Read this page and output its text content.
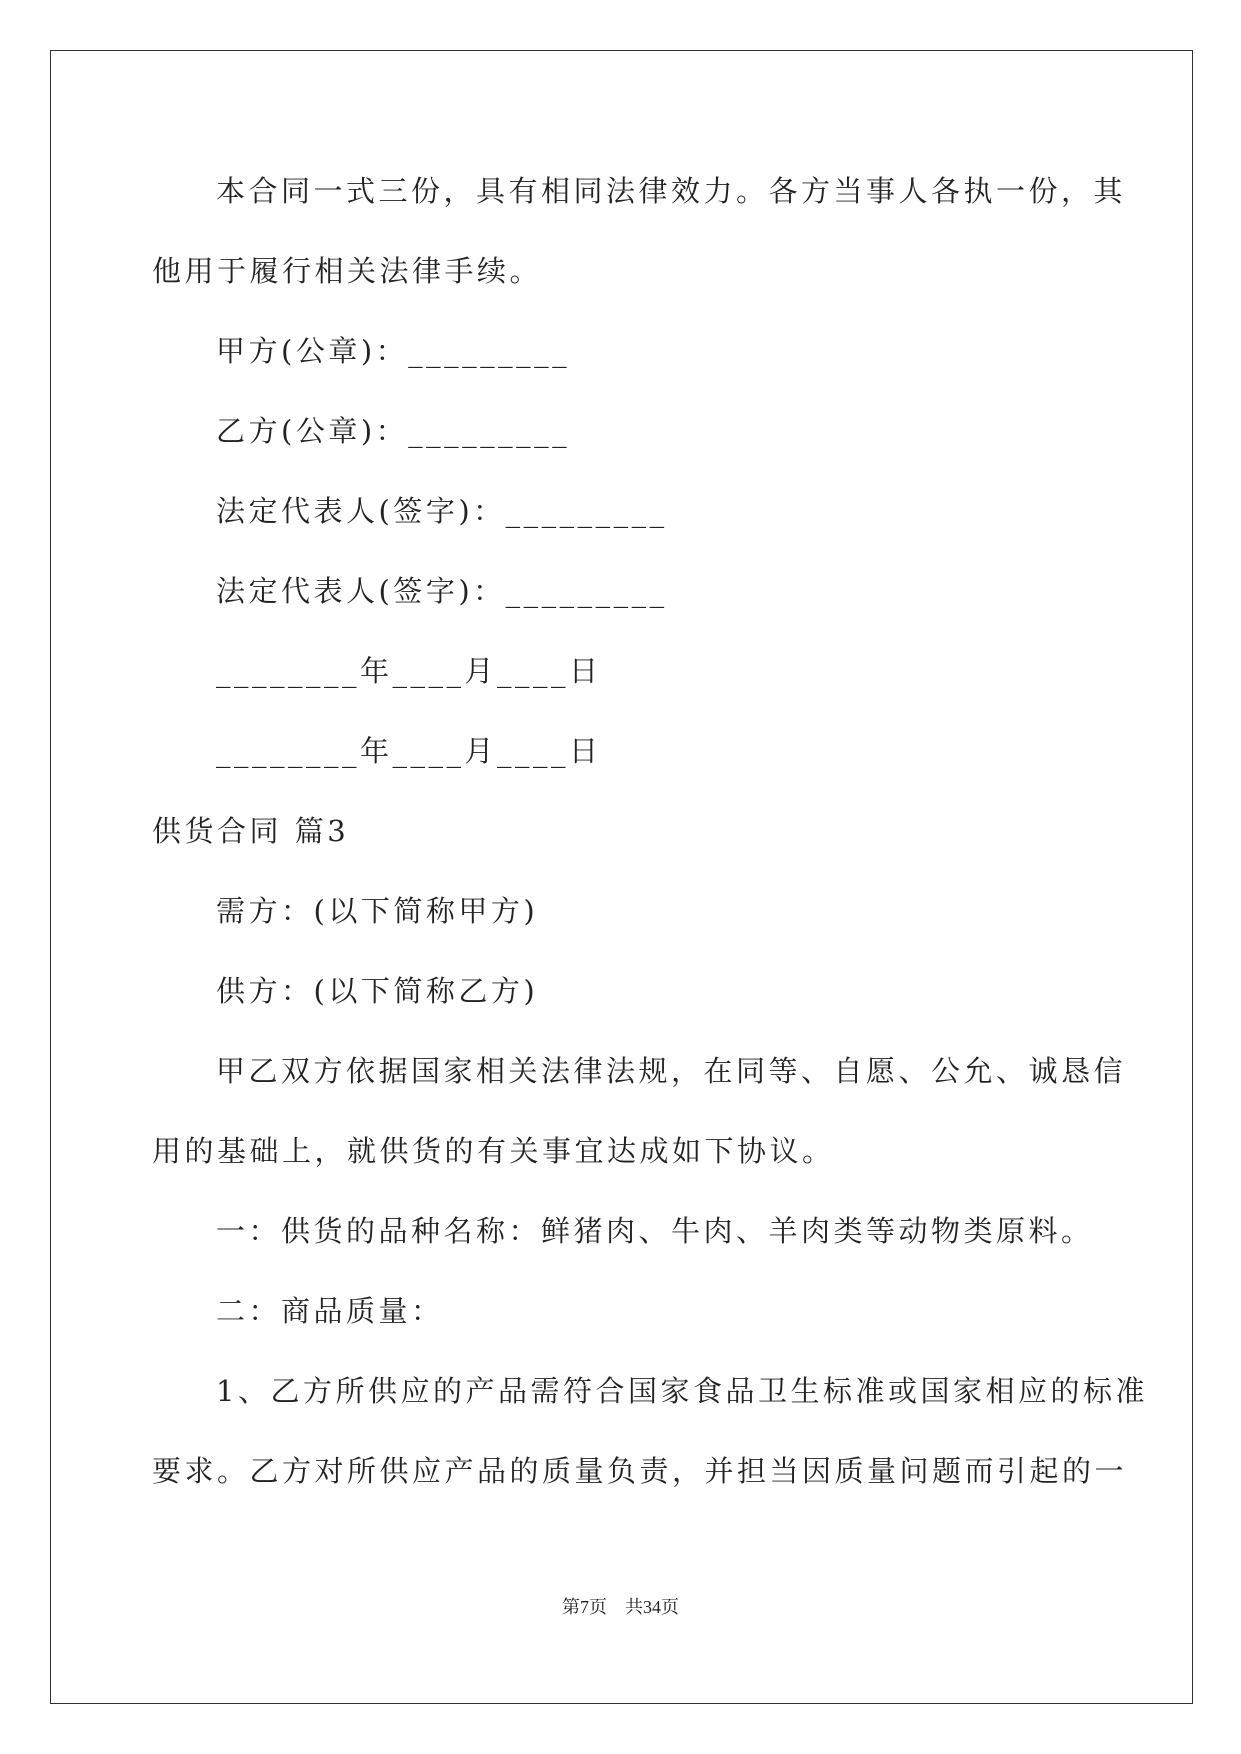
本合同一式三份，具有相同法律效力。各方当事人各执一份，其
他用于履行相关法律手续。
甲方(公章)：_________
乙方(公章)：_________
法定代表人(签字)：_________
法定代表人(签字)：_________
________年____月____日
________年____月____日
供货合同 篇3
需方：(以下简称甲方)
供方：(以下简称乙方)
甲乙双方依据国家相关法律法规，在同等、自愿、公允、诚恳信
用的基础上，就供货的有关事宜达成如下协议。
一：供货的品种名称：鲜猪肉、牛肉、羊肉类等动物类原料。
二：商品质量：
1、乙方所供应的产品需符合国家食品卫生标准或国家相应的标准
要求。乙方对所供应产品的质量负责，并担当因质量问题而引起的一
第7页　共34页
